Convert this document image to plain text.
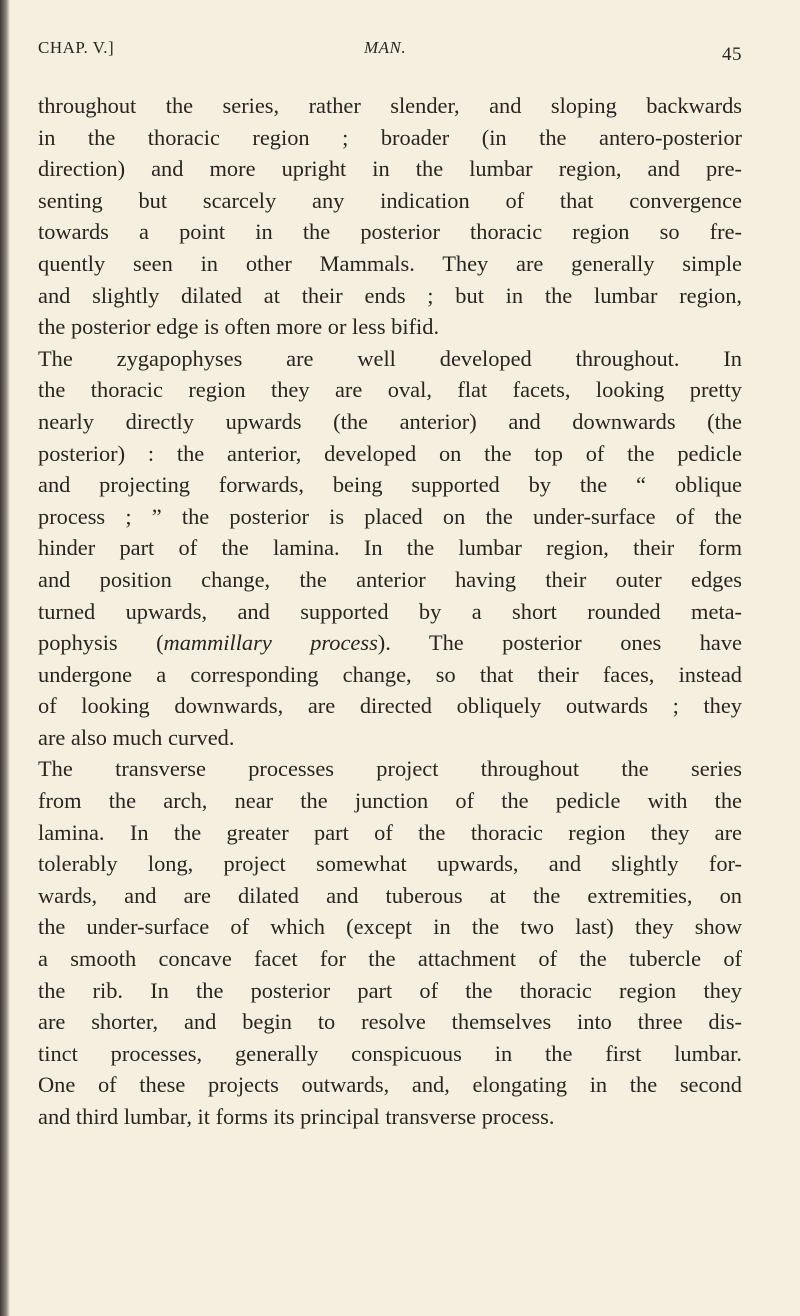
CHAP. V.]	MAN.	45
throughout the series, rather slender, and sloping backwards
in the thoracic region ; broader (in the antero-posterior
direction) and more upright in the lumbar region, and pre-
senting but scarcely any indication of that convergence
towards a point in the posterior thoracic region so fre-
quently seen in other Mammals. They are generally simple
and slightly dilated at their ends ; but in the lumbar region,
the posterior edge is often more or less bifid.
The zygapophyses are well developed throughout. In
the thoracic region they are oval, flat facets, looking pretty
nearly directly upwards (the anterior) and downwards (the
posterior) : the anterior, developed on the top of the pedicle
and projecting forwards, being supported by the “ oblique
process ; ” the posterior is placed on the under-surface of the
hinder part of the lamina. In the lumbar region, their form
and position change, the anterior having their outer edges
turned upwards, and supported by a short rounded meta-
pophysis (mammillary process). The posterior ones have
undergone a corresponding change, so that their faces, instead
of looking downwards, are directed obliquely outwards ; they
are also much curved.
The transverse processes project throughout the series
from the arch, near the junction of the pedicle with the
lamina. In the greater part of the thoracic region they are
tolerably long, project somewhat upwards, and slightly for-
wards, and are dilated and tuberous at the extremities, on
the under-surface of which (except in the two last) they show
a smooth concave facet for the attachment of the tubercle of
the rib. In the posterior part of the thoracic region they
are shorter, and begin to resolve themselves into three dis-
tinct processes, generally conspicuous in the first lumbar.
One of these projects outwards, and, elongating in the second
and third lumbar, it forms its principal transverse process.
